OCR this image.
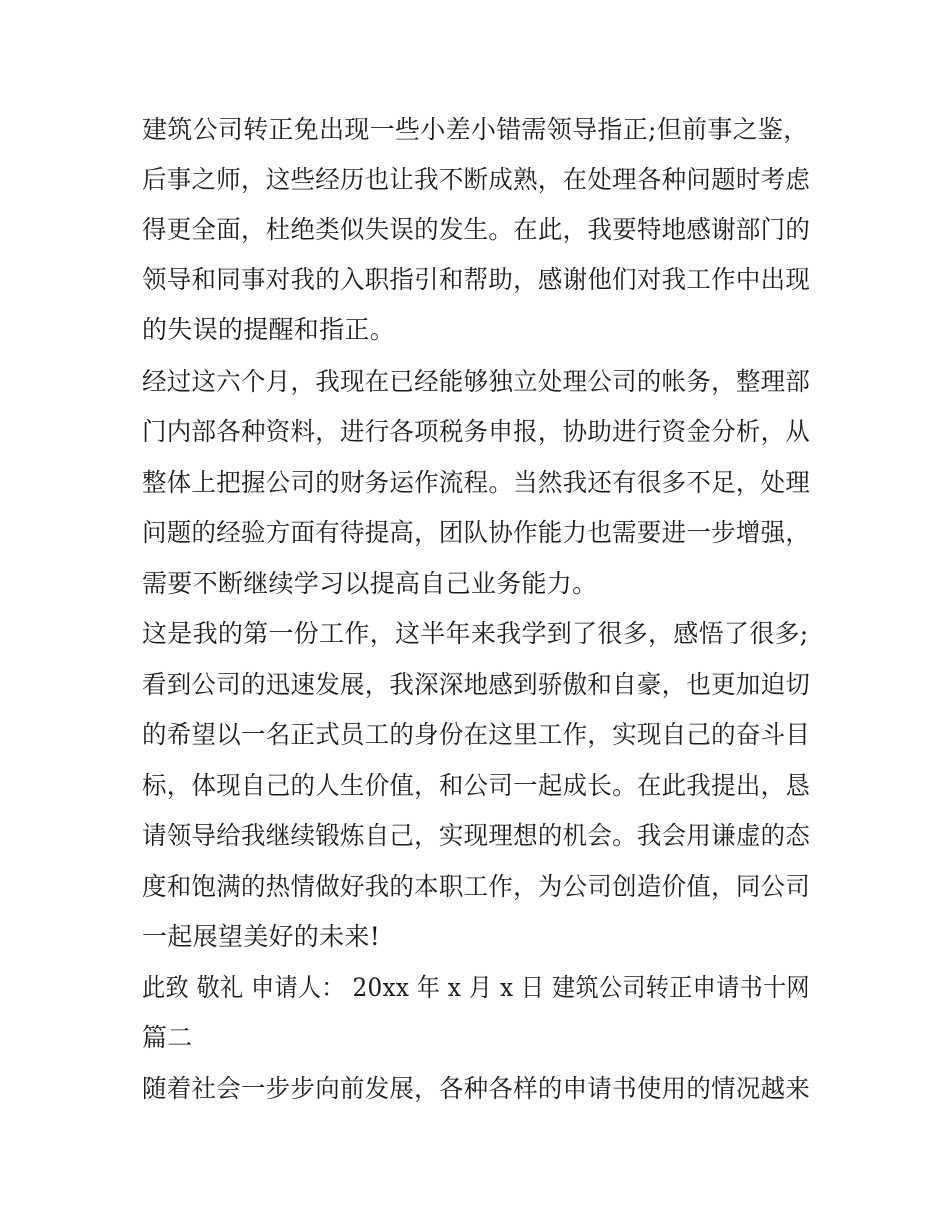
建筑公司转正免出现一些小差小错需领导指正;但前事之鉴，
后事之师，这些经历也让我不断成熟，在处理各种问题时考虑
得更全面，杜绝类似失误的发生。在此，我要特地感谢部门的
领导和同事对我的入职指引和帮助，感谢他们对我工作中出现
的失误的提醒和指正。
经过这六个月，我现在已经能够独立处理公司的帐务，整理部
门内部各种资料，进行各项税务申报，协助进行资金分析，从
整体上把握公司的财务运作流程。当然我还有很多不足，处理
问题的经验方面有待提高，团队协作能力也需要进一步增强，
需要不断继续学习以提高自己业务能力。
这是我的第一份工作，这半年来我学到了很多，感悟了很多;
看到公司的迅速发展，我深深地感到骄傲和自豪，也更加迫切
的希望以一名正式员工的身份在这里工作，实现自己的奋斗目
标，体现自己的人生价值，和公司一起成长。在此我提出，恳
请领导给我继续锻炼自己，实现理想的机会。我会用谦虚的态
度和饱满的热情做好我的本职工作，为公司创造价值，同公司
一起展望美好的未来!
此致 敬礼 申请人： 20xx 年 x 月 x 日 建筑公司转正申请书十网
篇二
随着社会一步步向前发展，各种各样的申请书使用的情况越来
